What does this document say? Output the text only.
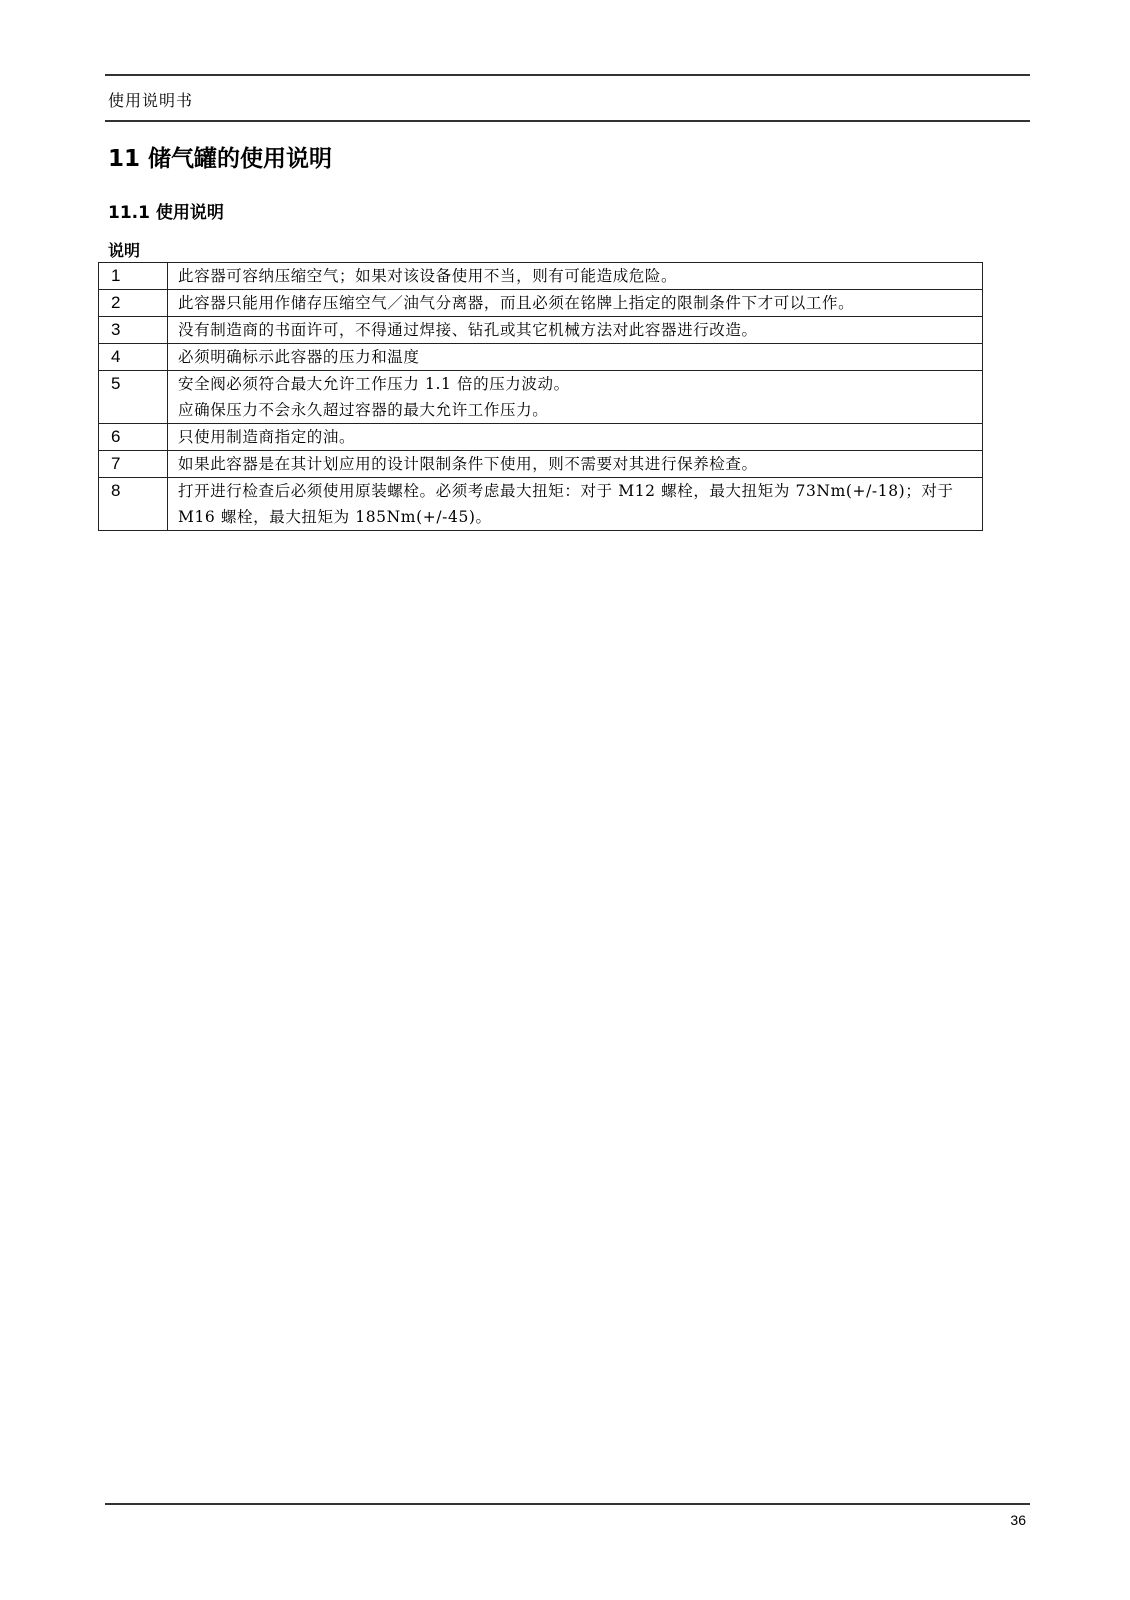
使用说明书
11 储气罐的使用说明
11.1 使用说明
说明
1	此容器可容纳压缩空气；如果对该设备使用不当，则有可能造成危险。

2	此容器只能用作储存压缩空气／油气分离器，而且必须在铭牌上指定的限制条件下才可以工作。

3	没有制造商的书面许可，不得通过焊接、钻孔或其它机械方法对此容器进行改造。

4	必须明确标示此容器的压力和温度

5	安全阀必须符合最大允许工作压力 1.1 倍的压力波动。
应确保压力不会永久超过容器的最大允许工作压力。

6	只使用制造商指定的油。

7	如果此容器是在其计划应用的设计限制条件下使用，则不需要对其进行保养检查。

8	打开进行检查后必须使用原装螺栓。必须考虑最大扭矩：对于 M12 螺栓，最大扭矩为 73Nm(+/-18)；对于 M16 螺栓，最大扭矩为 185Nm(+/-45)。
36
